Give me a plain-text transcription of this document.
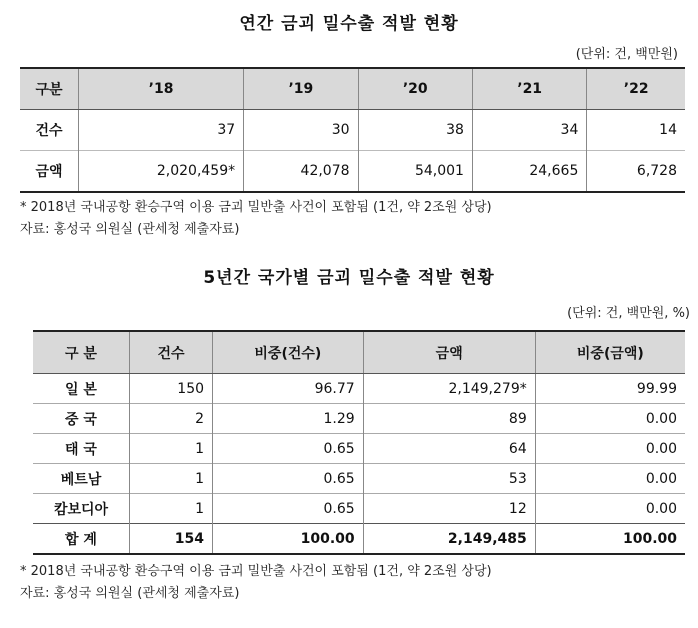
연간 금괴 밀수출 적발 현황
(단위: 건, 백만원)
구분	’18	’19	’20	’21	’22
건수	37	30	38	34	14
금액	2,020,459*	42,078	54,001	24,665	6,728
* 2018년 국내공항 환승구역 이용 금괴 밀반출 사건이 포함됨 (1건, 약 2조원 상당)
자료: 홍성국 의원실 (관세청 제출자료)
5년간 국가별 금괴 밀수출 적발 현황
(단위: 건, 백만원, %)
구 분	건수	비중(건수)	금액	비중(금액)
일 본	150	96.77	2,149,279*	99.99
중 국	2	1.29	89	0.00
태 국	1	0.65	64	0.00
베트남	1	0.65	53	0.00
캄보디아	1	0.65	12	0.00
합 계	154	100.00	2,149,485	100.00
* 2018년 국내공항 환승구역 이용 금괴 밀반출 사건이 포함됨 (1건, 약 2조원 상당)
자료: 홍성국 의원실 (관세청 제출자료)
